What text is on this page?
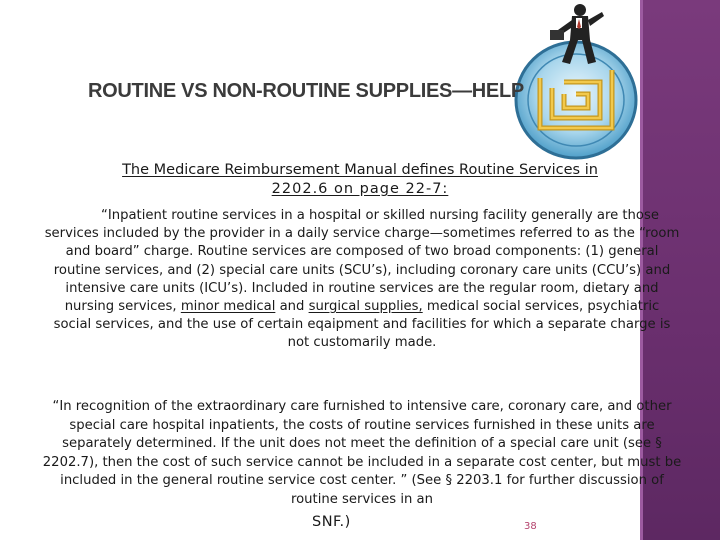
ROUTINE VS NON-ROUTINE SUPPLIES—HELP
The Medicare Reimbursement Manual defines Routine Services in
2202.6 on page 22-7:
“Inpatient routine services in a hospital or skilled nursing facility generally are those services included by the provider in a daily service charge—sometimes referred to as the “room and board” charge. Routine services are composed of two broad components: (1) general routine services, and (2) special care units (SCU’s), including coronary care units (CCU’s) and intensive care units (ICU’s). Included in routine services are the regular room, dietary and nursing services, minor medical and surgical supplies, medical social services, psychiatric social services, and the use of certain eqaipment and facilities for which a separate charge is not customarily made.
“In recognition of the extraordinary care furnished to intensive care, coronary care, and other special care hospital inpatients, the costs of routine services furnished in these units are separately determined. If the unit does not meet the definition of a special care unit (see § 2202.7), then the cost of such service cannot be included in a separate cost center, but must be included in the general routine service cost center. ” (See § 2203.1 for further discussion of routine services in an
SNF.)	38
